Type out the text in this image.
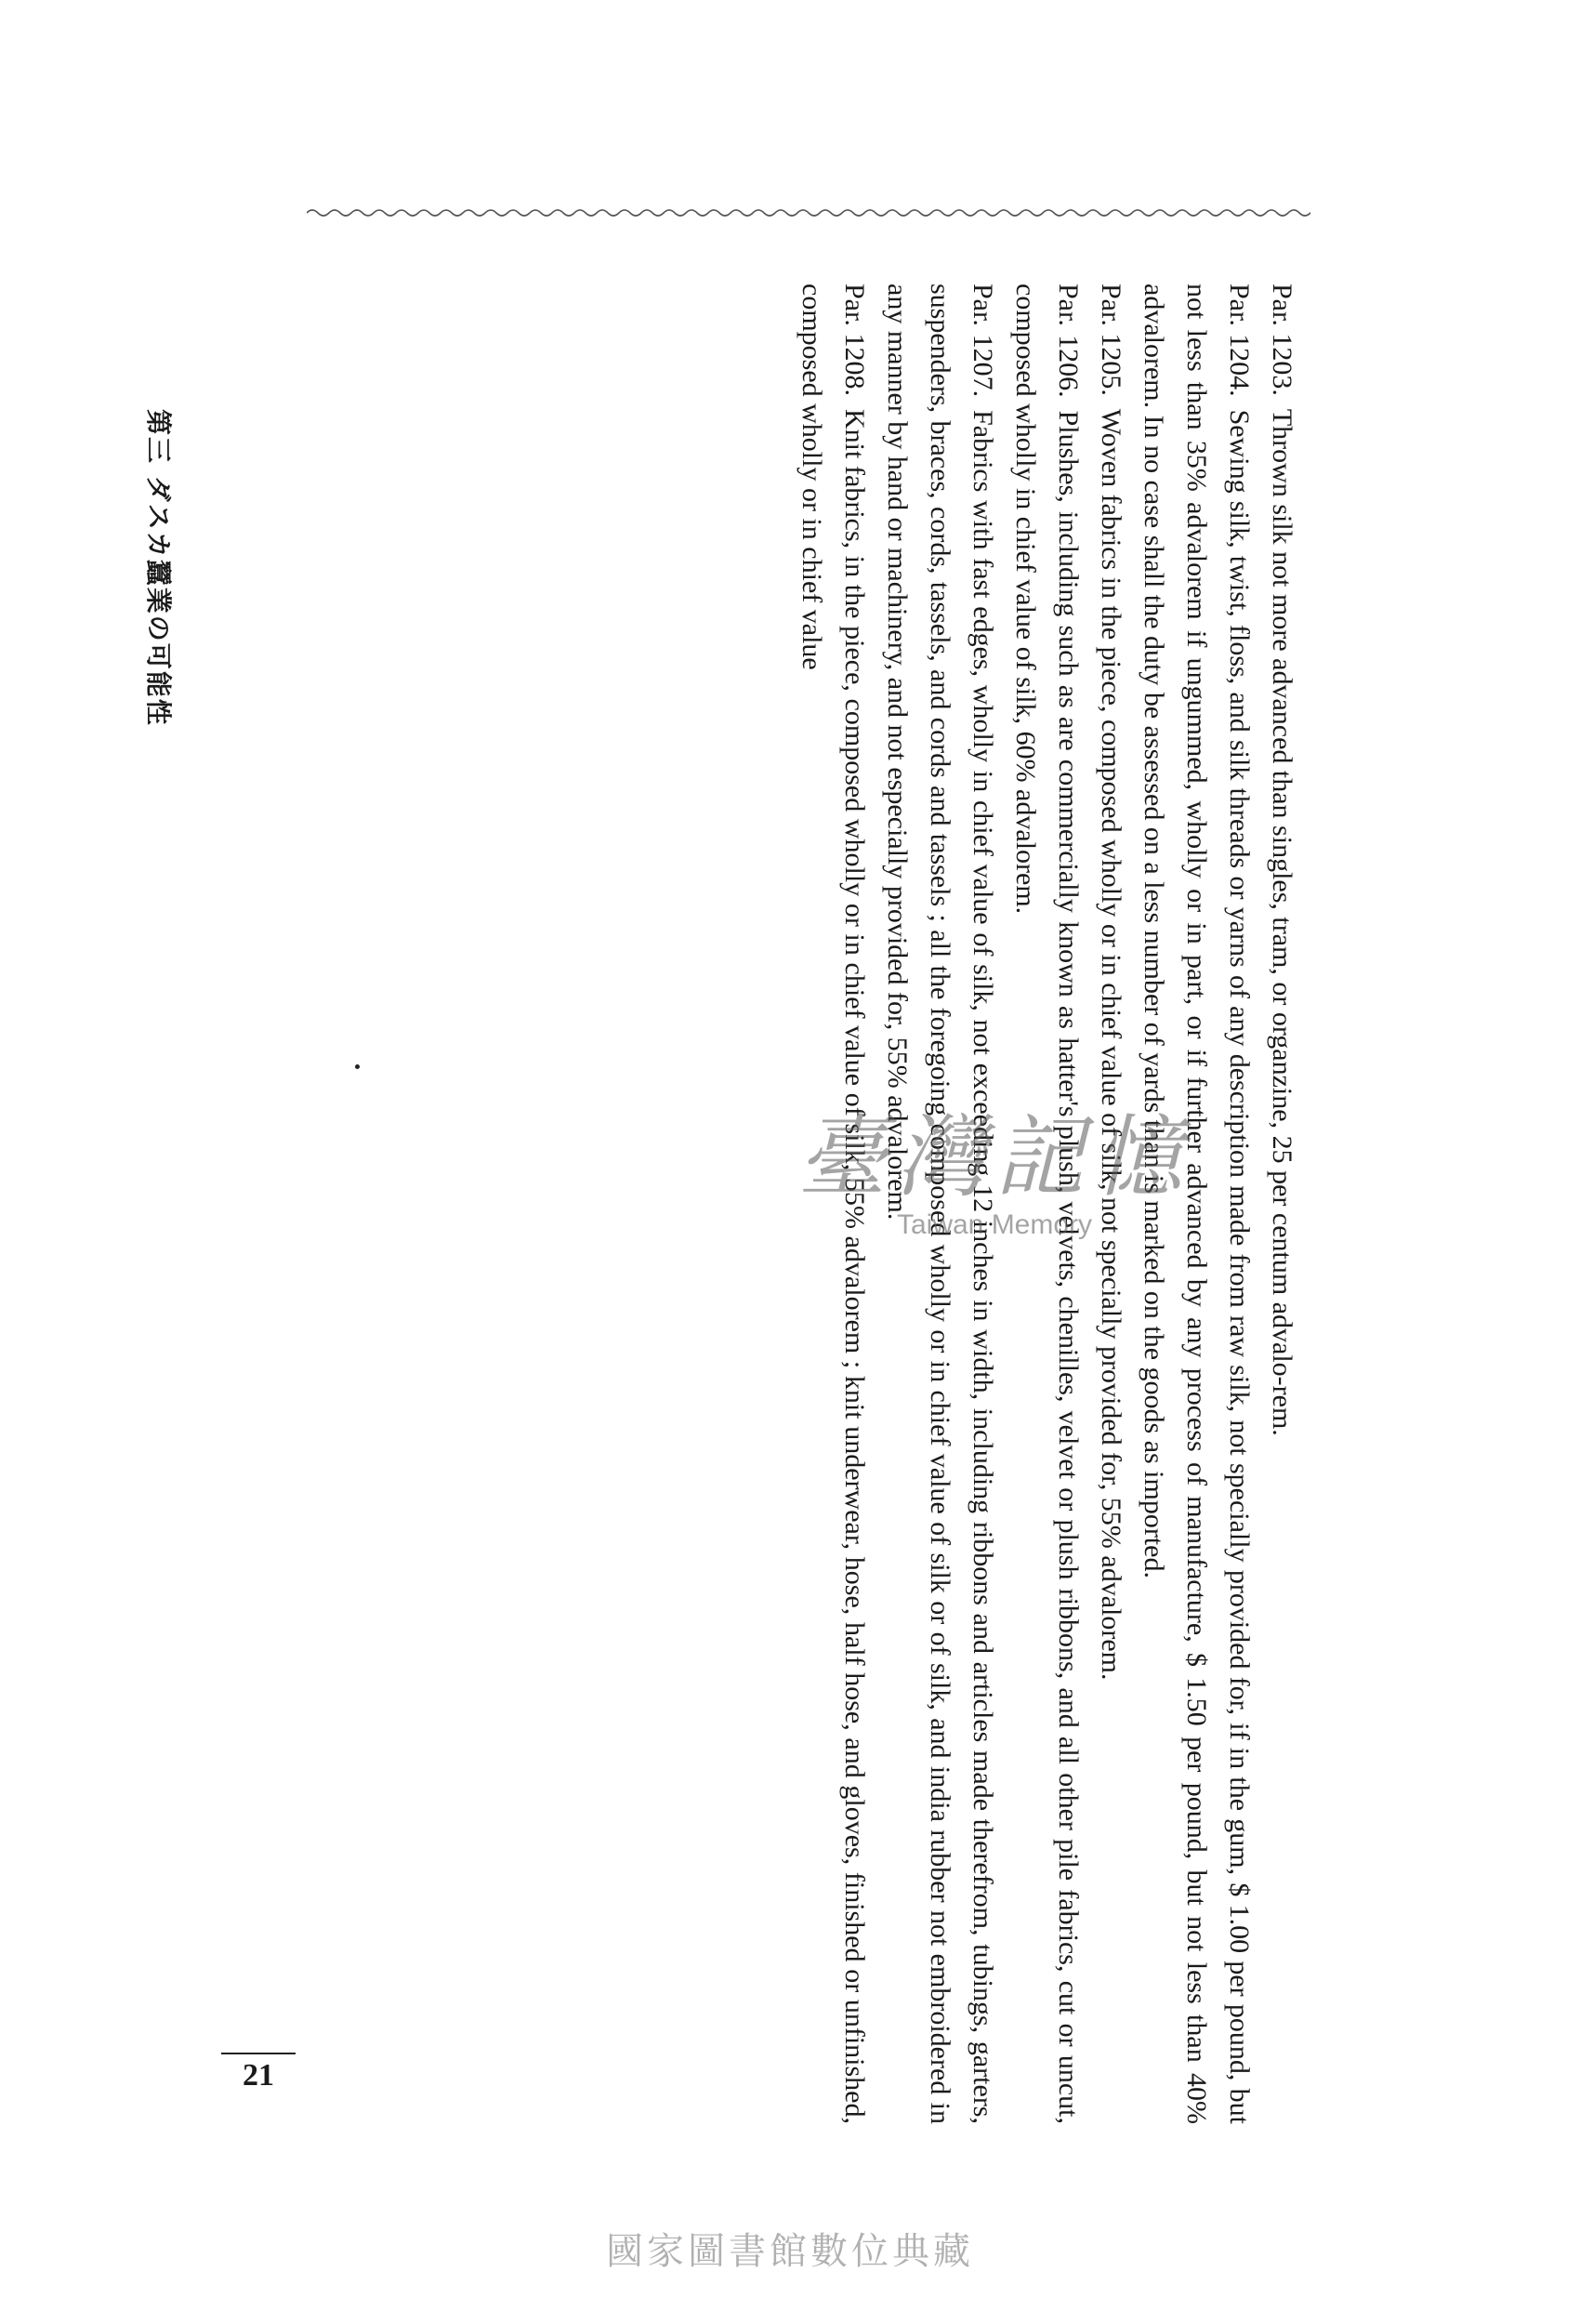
Par. 1203.Thrown silk not more advanced than singles, tram, or organzine, 25 per centum advalo-rem.

Par. 1204.Sewing silk, twist, floss, and silk threads or yarns of any description made from raw silk, not specially provided for, if in the gum, $ 1.00 per pound, but not less than 35% advalorem if ungummed, wholly or in part, or if further advanced by any process of manufacture, $ 1.50 per pound, but not less than 40% advalorem. In no case shall the duty be assessed on a less number of yards than is marked on the goods as imported.

Par. 1205.Woven fabrics in the piece, composed wholly or in chief value of silk, not specially provided for, 55% advalorem.

Par. 1206.Plushes, including such as are commercially known as hatter's plush, velvets, chenilles, velvet or plush ribbons, and all other pile fabrics, cut or uncut, composed wholly in chief value of silk, 60% advalorem.

Par. 1207.Fabrics with fast edges, wholly in chief value of silk, not exceeding 12 inches in width, including ribbons and articles made therefrom, tubings, garters, suspenders, braces, cords, tassels, and cords and tassels ; all the foregoing composed wholly or in chief value of silk or of silk, and india rubber not embroidered in any manner by hand or machinery, and not especially provided for, 55% advalorem.

Par. 1208.Knit fabrics, in the piece, composed wholly or in chief value of silk, 55% advalorem ; knit underwear, hose, half hose, and gloves, finished or unfinished, composed wholly or in chief value

第三 ダスカ蠶業の可能性
21
臺灣記憶
Taiwan Memory
國家圖書館數位典藏
